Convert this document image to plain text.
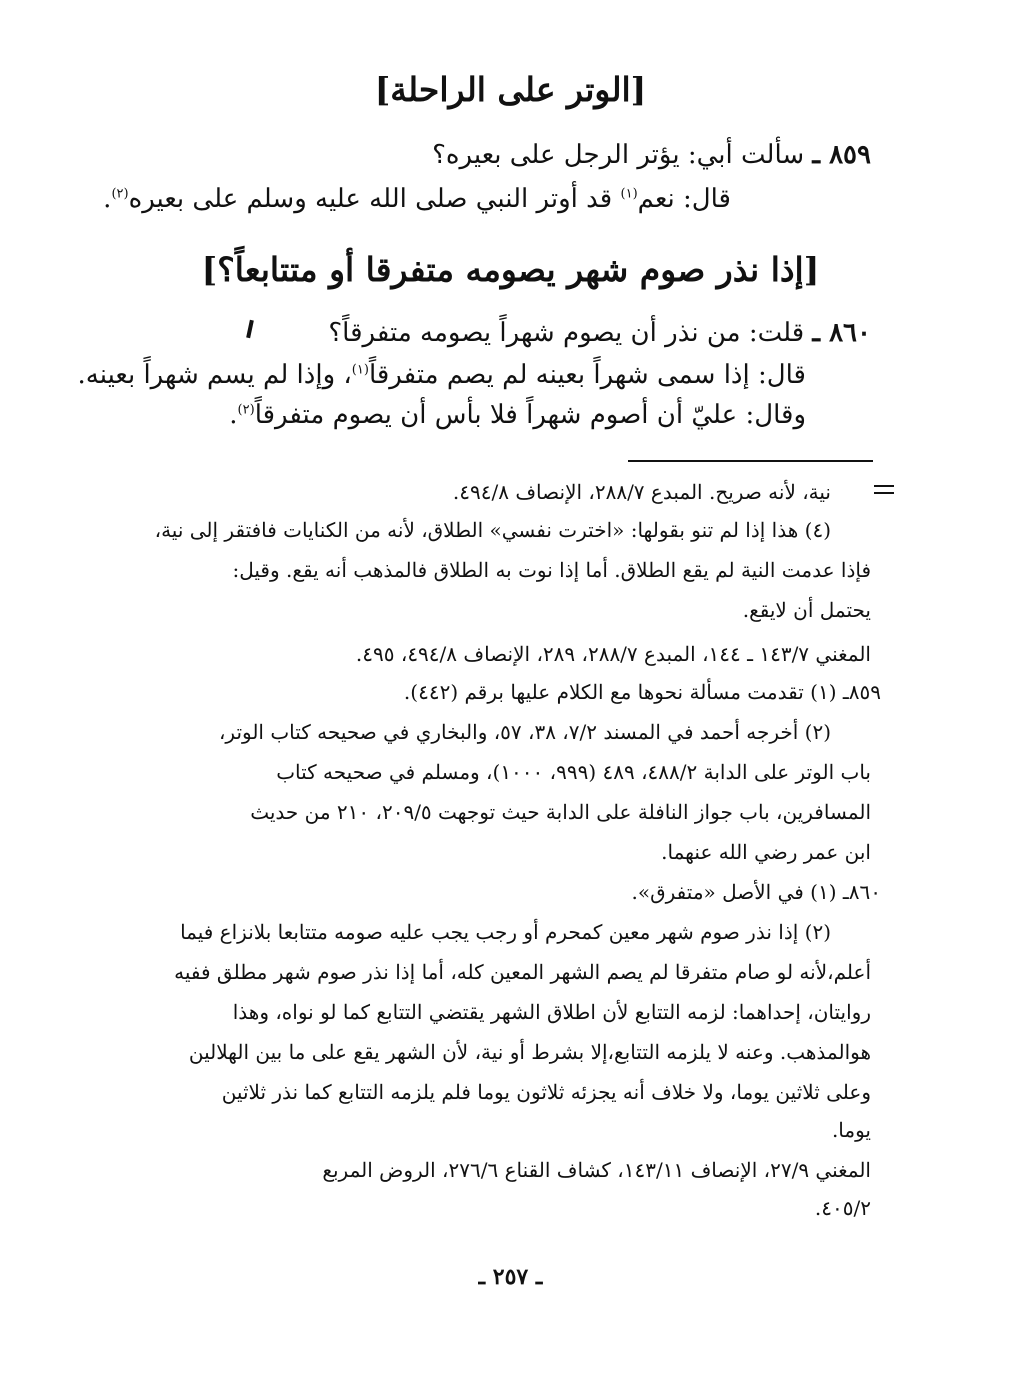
[الوتر على الراحلة]
٨٥٩ ـ سألت أبي: يؤتر الرجل على بعيره؟
قال: نعم$^{(١)}$ قد أوتر النبي صلى الله عليه وسلم على بعيره$^{(٢)}$.
[إذا نذر صوم شهر يصومه متفرقا أو متتابعاً؟]
٨٦٠ ـ قلت: من نذر أن يصوم شهراً يصومه متفرقاً؟
قال: إذا سمى شهراً بعينه لم يصم متفرقاً$^{(١)}$، وإذا لم يسم شهراً بعينه.
وقال: عليّ أن أصوم شهراً فلا بأس أن يصوم متفرقاً$^{(٢)}$.
نية، لأنه صريح. المبدع ٢٨٨/٧، الإنصاف ٤٩٤/٨.
(٤) هذا إذا لم تنو بقولها: «اخترت نفسي» الطلاق، لأنه من الكنايات فافتقر إلى نية،
فإذا عدمت النية لم يقع الطلاق. أما إذا نوت به الطلاق فالمذهب أنه يقع. وقيل:
يحتمل أن لايقع.
المغني ١٤٣/٧ ـ ١٤٤، المبدع ٢٨٨/٧، ٢٨٩، الإنصاف ٤٩٤/٨، ٤٩٥.
٨٥٩ـ (١) تقدمت مسألة نحوها مع الكلام عليها برقم (٤٤٢).
(٢) أخرجه أحمد في المسند ٧/٢، ٣٨، ٥٧، والبخاري في صحيحه كتاب الوتر،
باب الوتر على الدابة ٤٨٨/٢، ٤٨٩ (٩٩٩، ١٠٠٠)، ومسلم في صحيحه كتاب
المسافرين، باب جواز النافلة على الدابة حيث توجهت ٢٠٩/٥، ٢١٠ من حديث
ابن عمر رضي الله عنهما.
٨٦٠ـ (١) في الأصل «متفرق».
(٢) إذا نذر صوم شهر معين كمحرم أو رجب يجب عليه صومه متتابعا بلانزاع فيما
أعلم،لأنه لو صام متفرقا لم يصم الشهر المعين كله، أما إذا نذر صوم شهر مطلق ففيه
روايتان، إحداهما: لزمه التتابع لأن اطلاق الشهر يقتضي التتابع كما لو نواه، وهذا
هوالمذهب. وعنه لا يلزمه التتابع،إلا بشرط أو نية، لأن الشهر يقع على ما بين الهلالين
وعلى ثلاثين يوما، ولا خلاف أنه يجزئه ثلاثون يوما فلم يلزمه التتابع كما نذر ثلاثين
يوما.
المغني ٢٧/٩، الإنصاف ١٤٣/١١، كشاف القناع ٢٧٦/٦، الروض المربع
٤٠٥/٢.
ـ ٢٥٧ ـ
